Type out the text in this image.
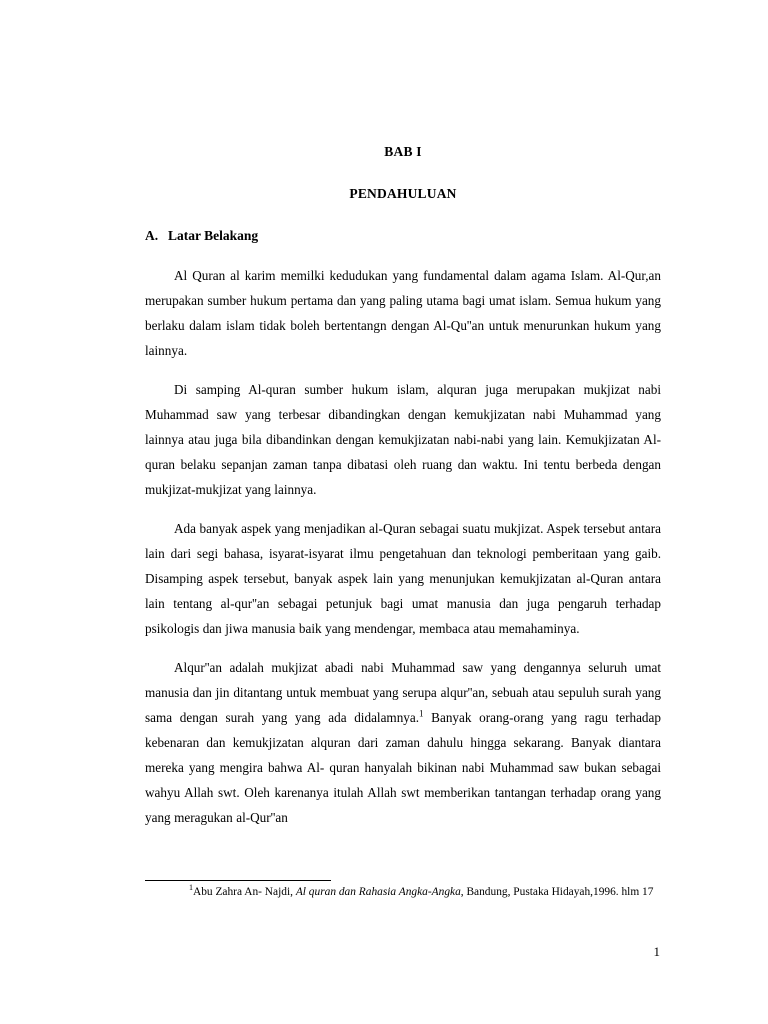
BAB I
PENDAHULUAN
A. Latar Belakang

Al Quran al karim memilki kedudukan yang fundamental dalam agama Islam. Al-Qur,an merupakan sumber hukum pertama dan yang paling utama bagi umat islam. Semua hukum yang berlaku dalam islam tidak boleh bertentangn dengan Al-Qu''an untuk menurunkan hukum yang lainnya.

Di samping Al-quran sumber hukum islam, alquran juga merupakan mukjizat nabi Muhammad saw yang terbesar dibandingkan dengan kemukjizatan nabi Muhammad yang lainnya atau juga bila dibandinkan dengan kemukjizatan nabi-nabi yang lain. Kemukjizatan Al-quran belaku sepanjan zaman tanpa dibatasi oleh ruang dan waktu. Ini tentu berbeda dengan mukjizat-mukjizat yang lainnya.

Ada banyak aspek yang menjadikan al-Quran sebagai suatu mukjizat. Aspek tersebut antara lain dari segi bahasa, isyarat-isyarat ilmu pengetahuan dan teknologi pemberitaan yang gaib. Disamping aspek tersebut, banyak aspek lain yang menunjukan kemukjizatan al-Quran antara lain tentang al-qur''an sebagai petunjuk bagi umat manusia dan juga pengaruh terhadap psikologis dan jiwa manusia baik yang mendengar, membaca atau memahaminya.

Alqur''an adalah mukjizat abadi nabi Muhammad saw yang dengannya seluruh umat manusia dan jin ditantang untuk membuat yang serupa alqur''an, sebuah atau sepuluh surah yang sama dengan surah yang yang ada didalamnya.$^1$ Banyak orang-orang yang ragu terhadap kebenaran dan kemukjizatan alquran dari zaman dahulu hingga sekarang. Banyak diantara mereka yang mengira bahwa Al- quran hanyalah bikinan nabi Muhammad saw bukan sebagai wahyu Allah swt. Oleh karenanya itulah Allah swt memberikan tantangan terhadap orang yang yang meragukan al-Qur''an

$^1$Abu Zahra An- Najdi, Al quran dan Rahasia Angka-Angka, Bandung, Pustaka Hidayah,1996. hlm 17

1
